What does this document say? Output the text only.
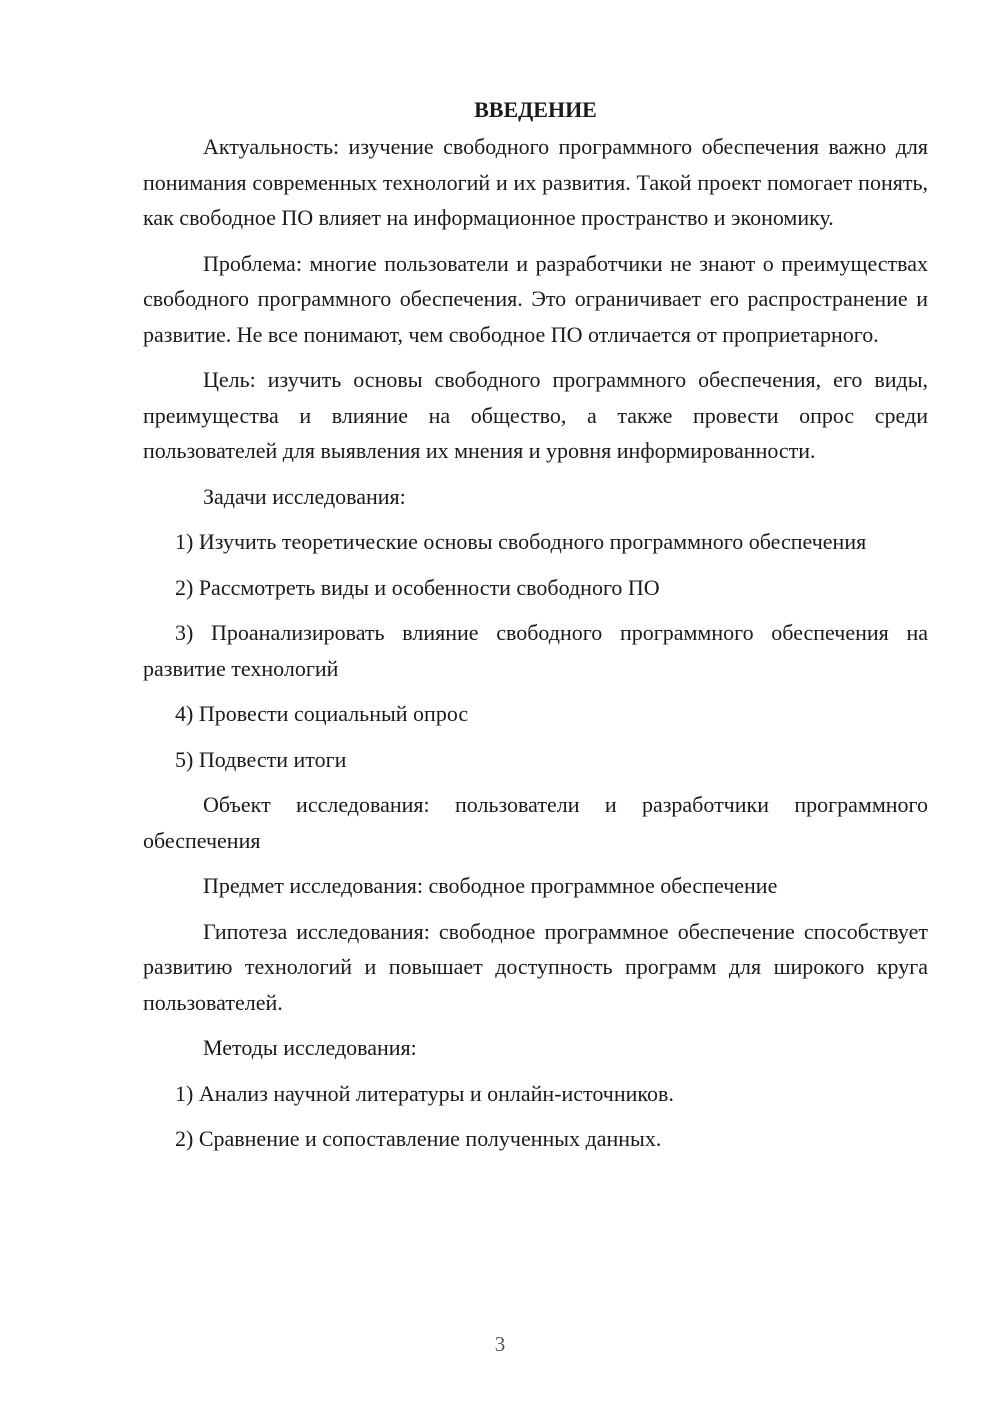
ВВЕДЕНИЕ

Актуальность: изучение свободного программного обеспечения важно для понимания современных технологий и их развития. Такой проект помогает понять, как свободное ПО влияет на информационное пространство и экономику.

Проблема: многие пользователи и разработчики не знают о преимуществах свободного программного обеспечения. Это ограничивает его распространение и развитие. Не все понимают, чем свободное ПО отличается от проприетарного.

Цель: изучить основы свободного программного обеспечения, его виды, преимущества и влияние на общество, а также провести опрос среди пользователей для выявления их мнения и уровня информированности.

Задачи исследования:

1) Изучить теоретические основы свободного программного обеспечения

2) Рассмотреть виды и особенности свободного ПО

3) Проанализировать влияние свободного программного обеспечения на развитие технологий

4) Провести социальный опрос

5) Подвести итоги

Объект исследования: пользователи и разработчики программного обеспечения

Предмет исследования: свободное программное обеспечение

Гипотеза исследования: свободное программное обеспечение способствует развитию технологий и повышает доступность программ для широкого круга пользователей.

Методы исследования:

1) Анализ научной литературы и онлайн-источников.

2) Сравнение и сопоставление полученных данных.

3
